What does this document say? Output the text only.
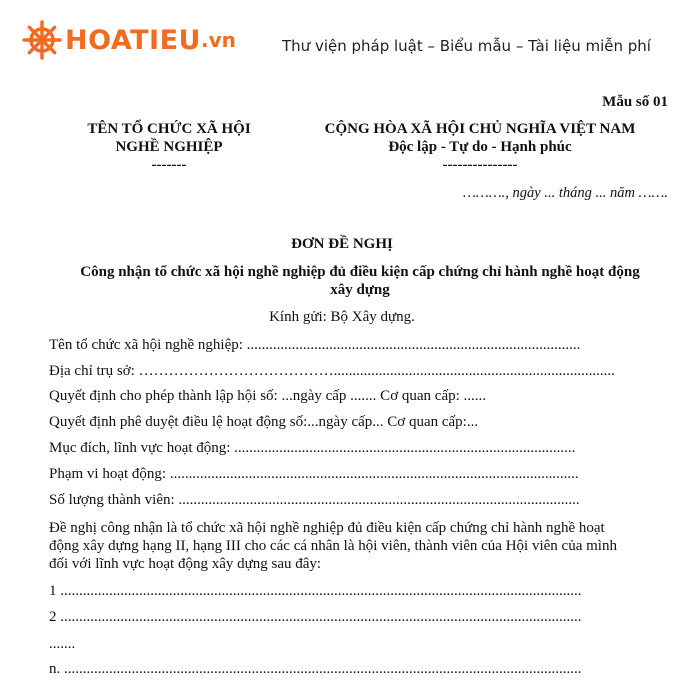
HOATIEU .vn	Thư viện pháp luật – Biểu mẫu – Tài liệu miễn phí
Mẫu số 01
TÊN TỔ CHỨC XÃ HỘI
NGHỀ NGHIỆP
-------
CỘNG HÒA XÃ HỘI CHỦ NGHĨA VIỆT NAM
Độc lập - Tự do - Hạnh phúc
---------------
………., ngày ... tháng ... năm …….
ĐƠN ĐỀ NGHỊ
Công nhận tổ chức xã hội nghề nghiệp đủ điều kiện cấp chứng chỉ hành nghề hoạt động
xây dựng
Kính gửi: Bộ Xây dựng.
Tên tổ chức xã hội nghề nghiệp: .........................................................................................
Địa chỉ trụ sở: …………………………………...........................................................................
Quyết định cho phép thành lập hội số: ...ngày cấp ....... Cơ quan cấp: ......
Quyết định phê duyệt điều lệ hoạt động số:...ngày cấp... Cơ quan cấp:...
Mục đích, lĩnh vực hoạt động: ...........................................................................................
Phạm vi hoạt động: .............................................................................................................
Số lượng thành viên: ...........................................................................................................
Đề nghị công nhận là tổ chức xã hội nghề nghiệp đủ điều kiện cấp chứng chỉ hành nghề hoạt
động xây dựng hạng II, hạng III cho các cá nhân là hội viên, thành viên của Hội viên của mình
đối với lĩnh vực hoạt động xây dựng sau đây:
1 ...........................................................................................................................................
2 ...........................................................................................................................................
.......
n. ..........................................................................................................................................
